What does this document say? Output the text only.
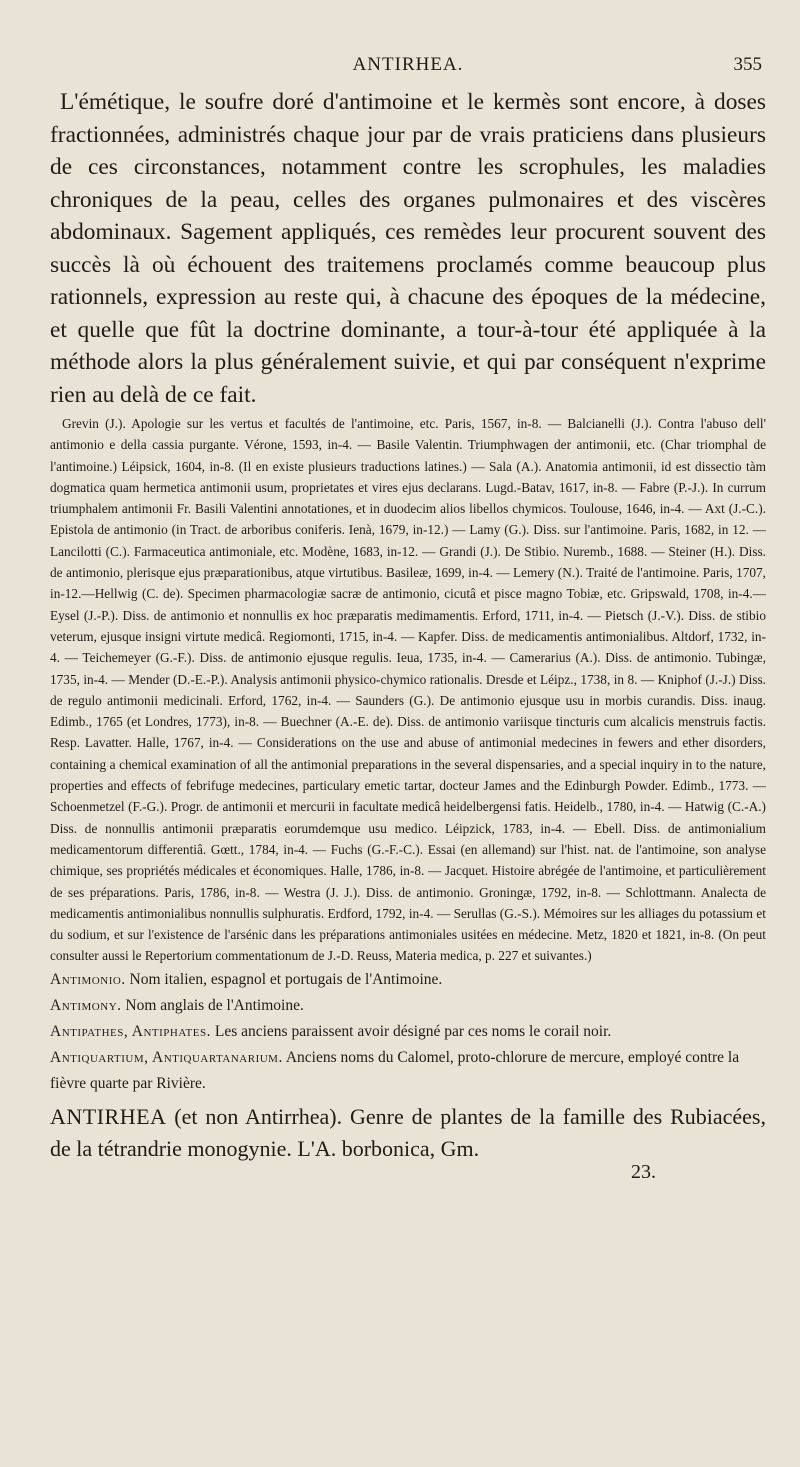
ANTIRHEA.	355

L'émétique, le soufre doré d'antimoine et le kermès sont encore, à doses fractionnées, administrés chaque jour par de vrais praticiens dans plusieurs de ces circonstances, notamment contre les scrophules, les maladies chroniques de la peau, celles des organes pulmonaires et des viscères abdominaux. Sagement appliqués, ces remèdes leur procurent souvent des succès là où échouent des traitemens proclamés comme beaucoup plus rationnels, expression au reste qui, à chacune des époques de la médecine, et quelle que fût la doctrine dominante, a tour-à-tour été appliquée à la méthode alors la plus généralement suivie, et qui par conséquent n'exprime rien au delà de ce fait.

Grevin (J.). Apologie sur les vertus et facultés de l'antimoine, etc. Paris, 1567, in-8. — Balcianelli (J.). Contra l'abuso dell' antimonio e della cassia purgante. Vérone, 1593, in-4. — Basile Valentin. Triumphwagen der antimonii, etc. (Char triomphal de l'antimoine.) Léipsick, 1604, in-8. (Il en existe plusieurs traductions latines.) — Sala (A.). Anatomia antimonii, id est dissectio tàm dogmatica quam hermetica antimonii usum, proprietates et vires ejus declarans. Lugd.-Batav, 1617, in-8. — Fabre (P.-J.). In currum triumphalem antimonii Fr. Basili Valentini annotationes, et in duodecim alios libellos chymicos. Toulouse, 1646, in-4. — Axt (J.-C.). Epistola de antimonio (in Tract. de arboribus coniferis. Ienà, 1679, in-12.) — Lamy (G.). Diss. sur l'antimoine. Paris, 1682, in 12. — Lancilotti (C.). Farmaceutica antimoniale, etc. Modène, 1683, in-12. — Grandi (J.). De Stibio. Nuremb., 1688. — Steiner (H.). Diss. de antimonio, plerisque ejus præparationibus, atque virtutibus. Basileæ, 1699, in-4. — Lemery (N.). Traité de l'antimoine. Paris, 1707, in-12.—Hellwig (C. de). Specimen pharmacologiæ sacræ de antimonio, cicutâ et pisce magno Tobiæ, etc. Gripswald, 1708, in-4.—Eysel (J.-P.). Diss. de antimonio et nonnullis ex hoc præparatis medimamentis. Erford, 1711, in-4. — Pietsch (J.-V.). Diss. de stibio veterum, ejusque insigni virtute medicâ. Regiomonti, 1715, in-4. — Kapfer. Diss. de medicamentis antimonialibus. Altdorf, 1732, in-4. — Teichemeyer (G.-F.). Diss. de antimonio ejusque regulis. Ieua, 1735, in-4. — Camerarius (A.). Diss. de antimonio. Tubingæ, 1735, in-4. — Mender (D.-E.-P.). Analysis antimonii physico-chymico rationalis. Dresde et Léipz., 1738, in 8. — Kniphof (J.-J.) Diss. de regulo antimonii medicinali. Erford, 1762, in-4. — Saunders (G.). De antimonio ejusque usu in morbis curandis. Diss. inaug. Edimb., 1765 (et Londres, 1773), in-8. — Buechner (A.-E. de). Diss. de antimonio variisque tincturis cum alcalicis menstruis factis. Resp. Lavatter. Halle, 1767, in-4. — Considerations on the use and abuse of antimonial medecines in fewers and ether disorders, containing a chemical examination of all the antimonial preparations in the several dispensaries, and a special inquiry in to the nature, properties and effects of febrifuge medecines, particulary emetic tartar, docteur James and the Edinburgh Powder. Edimb., 1773. — Schoenmetzel (F.-G.). Progr. de antimonii et mercurii in facultate medicâ heidelbergensi fatis. Heidelb., 1780, in-4. — Hatwig (C.-A.) Diss. de nonnullis antimonii præparatis eorumdemque usu medico. Léipzick, 1783, in-4. — Ebell. Diss. de antimonialium medicamentorum differentiâ. Gœtt., 1784, in-4. — Fuchs (G.-F.-C.). Essai (en allemand) sur l'hist. nat. de l'antimoine, son analyse chimique, ses propriétés médicales et économiques. Halle, 1786, in-8. — Jacquet. Histoire abrégée de l'antimoine, et particulièrement de ses préparations. Paris, 1786, in-8. — Westra (J. J.). Diss. de antimonio. Groningæ, 1792, in-8. — Schlottmann. Analecta de medicamentis antimonialibus nonnullis sulphuratis. Erdford, 1792, in-4. — Serullas (G.-S.). Mémoires sur les alliages du potassium et du sodium, et sur l'existence de l'arsénic dans les préparations antimoniales usitées en médecine. Metz, 1820 et 1821, in-8. (On peut consulter aussi le Repertorium commentationum de J.-D. Reuss, Materia medica, p. 227 et suivantes.)

Antimonio. Nom italien, espagnol et portugais de l'Antimoine.

Antimony. Nom anglais de l'Antimoine.

Antipathes, Antiphates. Les anciens paraissent avoir désigné par ces noms le corail noir.

Antiquartium, Antiquartanarium. Anciens noms du Calomel, proto-chlorure de mercure, employé contre la fièvre quarte par Rivière.

ANTIRHEA (et non Antirrhea). Genre de plantes de la famille des Rubiacées, de la tétrandrie monogynie. L'A. borbonica, Gm.

23.
